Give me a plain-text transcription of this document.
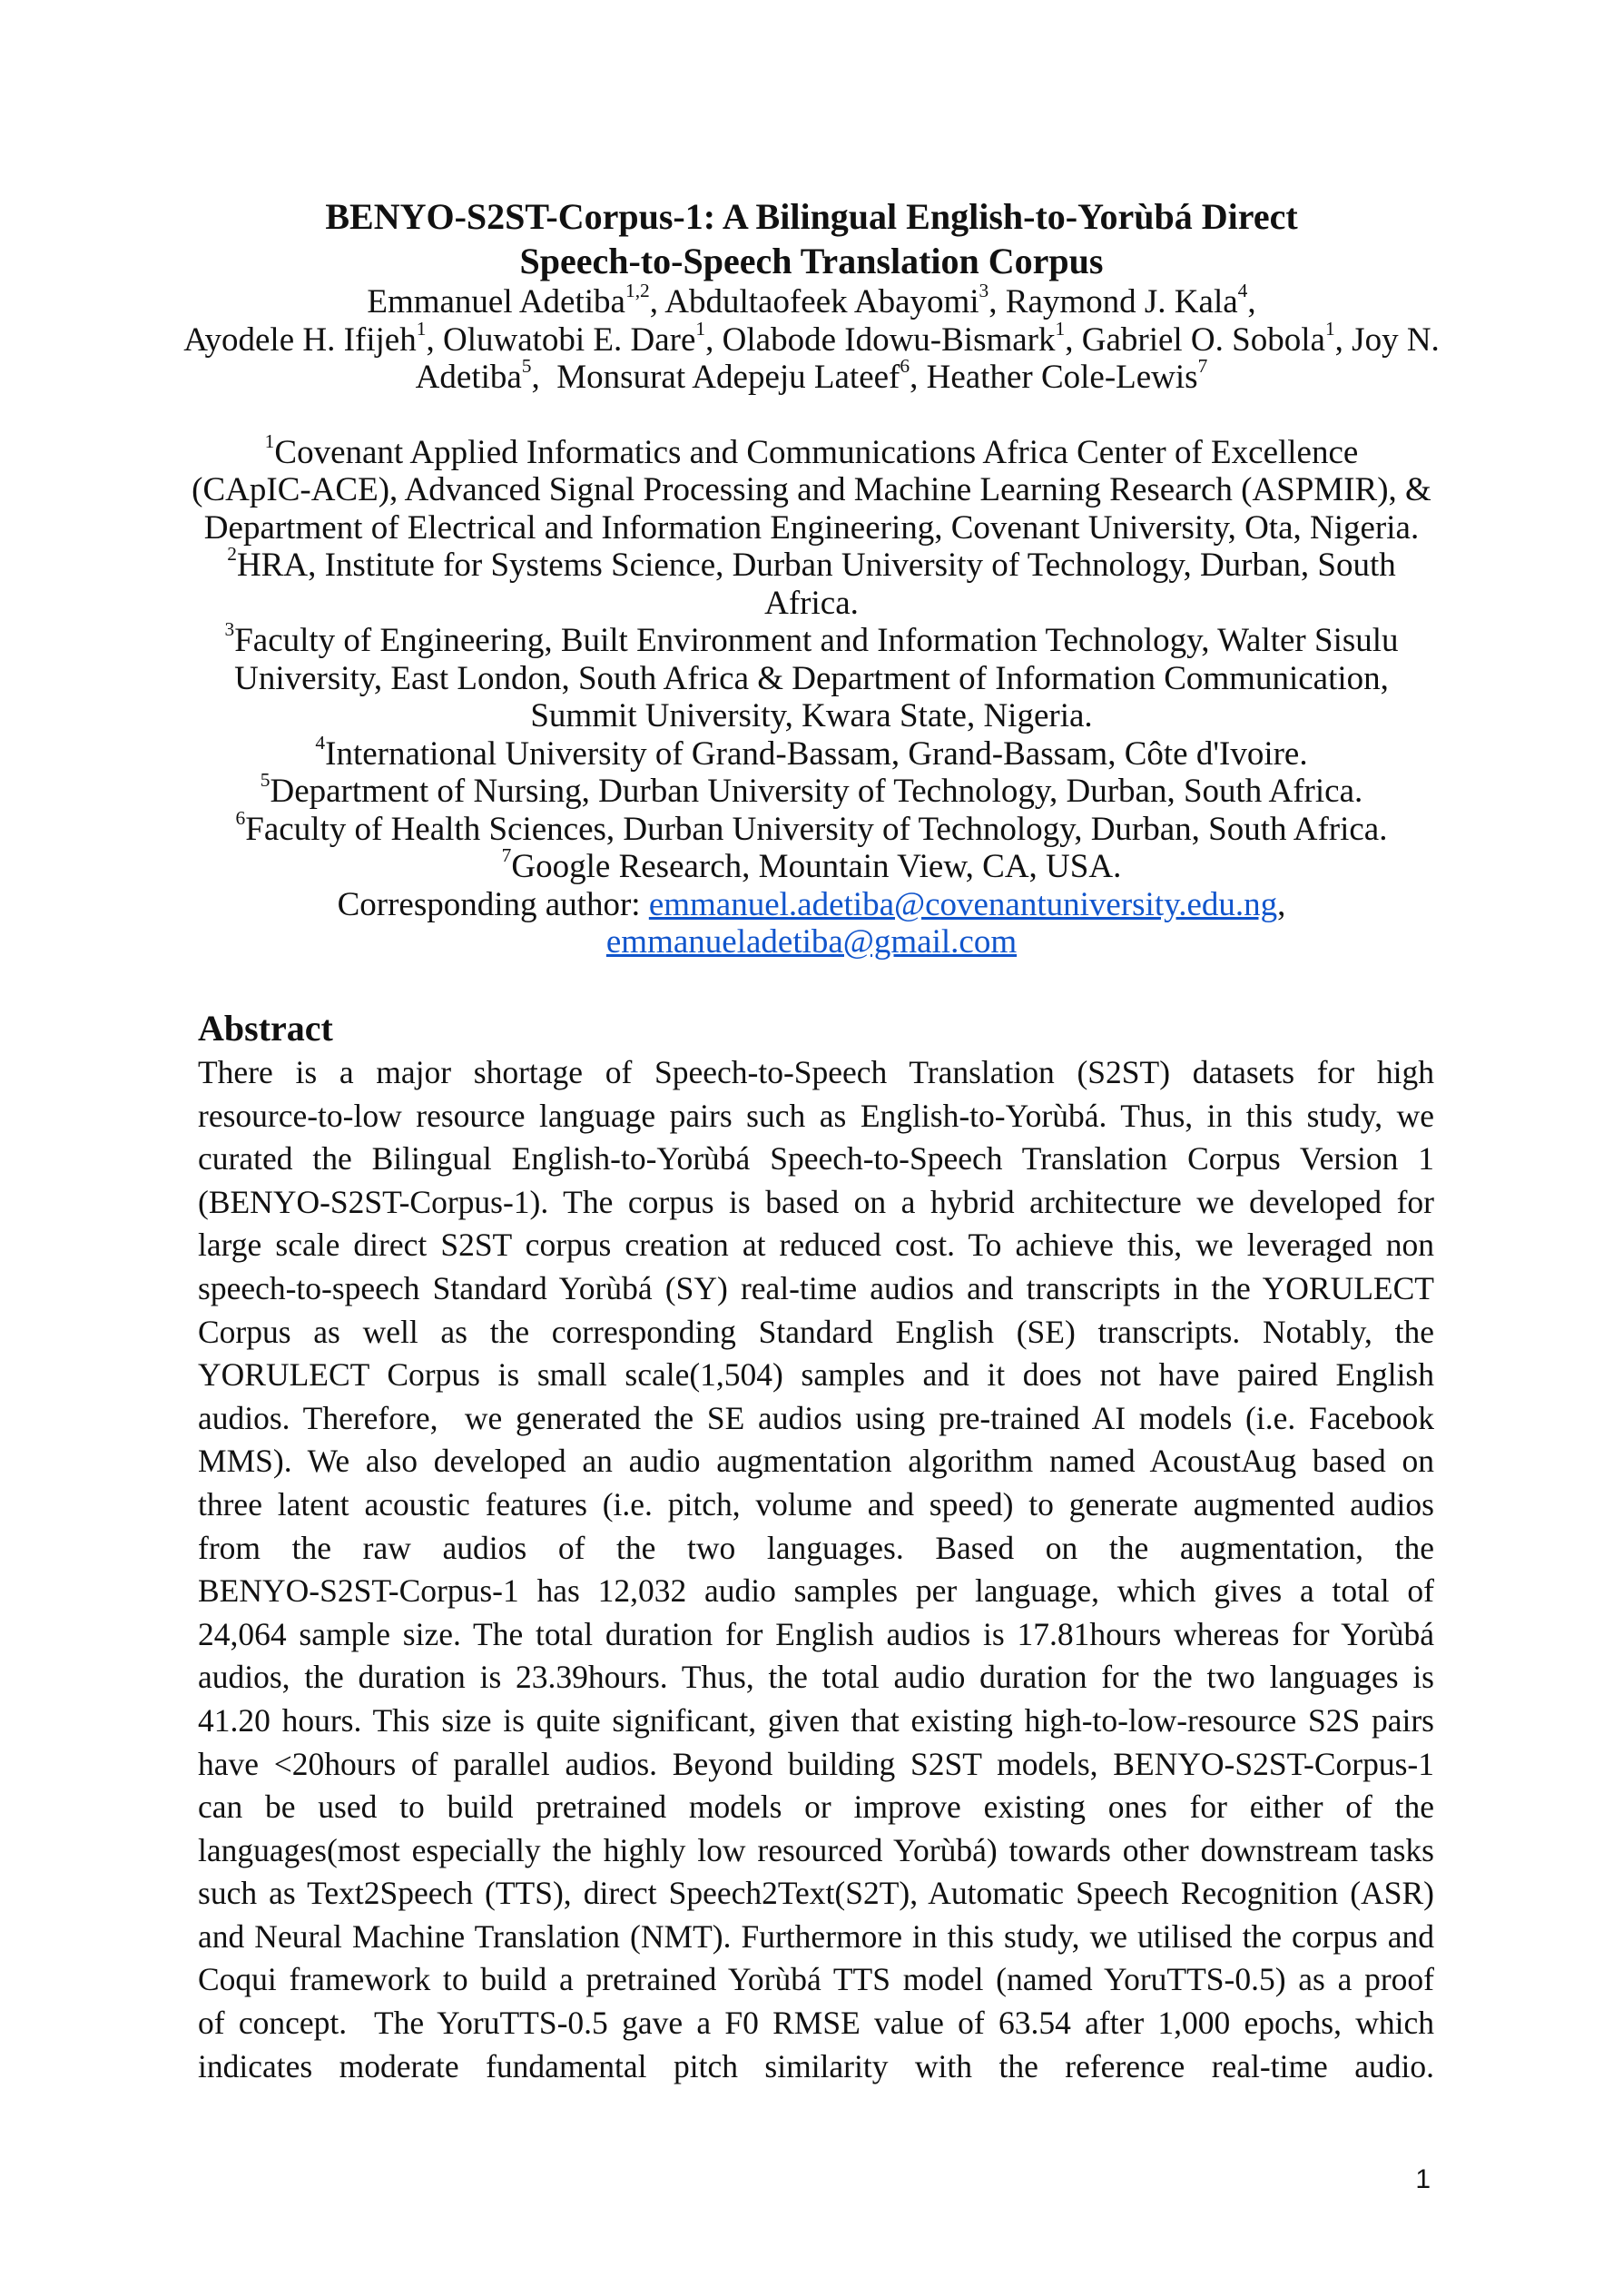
BENYO-S2ST-Corpus-1: A Bilingual English-to-Yorùbá Direct
Speech-to-Speech Translation Corpus
Emmanuel Adetiba$^{1,2}$, Abdultaofeek Abayomi$^3$, Raymond J. Kala$^4$,
Ayodele H. Ifijeh$^1$, Oluwatobi E. Dare$^1$, Olabode Idowu-Bismark$^1$, Gabriel O. Sobola$^1$, Joy N.
Adetiba$^5$,  Monsurat Adepeju Lateef$^6$, Heather Cole-Lewis$^7$
$^1$Covenant Applied Informatics and Communications Africa Center of Excellence
(CApIC-ACE), Advanced Signal Processing and Machine Learning Research (ASPMIR), &
Department of Electrical and Information Engineering, Covenant University, Ota, Nigeria.
$^2$HRA, Institute for Systems Science, Durban University of Technology, Durban, South
Africa.
$^3$Faculty of Engineering, Built Environment and Information Technology, Walter Sisulu
University, East London, South Africa & Department of Information Communication,
Summit University, Kwara State, Nigeria.
$^4$International University of Grand-Bassam, Grand-Bassam, Côte d'Ivoire.
$^5$Department of Nursing, Durban University of Technology, Durban, South Africa.
$^6$Faculty of Health Sciences, Durban University of Technology, Durban, South Africa.
$^7$Google Research, Mountain View, CA, USA.
Corresponding author: emmanuel.adetiba@covenantuniversity.edu.ng,
emmanueladetiba@gmail.com
Abstract
There is a major shortage of Speech-to-Speech Translation (S2ST) datasets for high
resource-to-low resource language pairs such as English-to-Yorùbá. Thus, in this study, we
curated the Bilingual English-to-Yorùbá Speech-to-Speech Translation Corpus Version 1
(BENYO-S2ST-Corpus-1). The corpus is based on a hybrid architecture we developed for
large scale direct S2ST corpus creation at reduced cost. To achieve this, we leveraged non
speech-to-speech Standard Yorùbá (SY) real-time audios and transcripts in the YORULECT
Corpus as well as the corresponding Standard English (SE) transcripts. Notably, the
YORULECT Corpus is small scale(1,504) samples and it does not have paired English
audios. Therefore,  we generated the SE audios using pre-trained AI models (i.e. Facebook
MMS). We also developed an audio augmentation algorithm named AcoustAug based on
three latent acoustic features (i.e. pitch, volume and speed) to generate augmented audios
from the raw audios of the two languages. Based on the augmentation, the
BENYO-S2ST-Corpus-1 has 12,032 audio samples per language, which gives a total of
24,064 sample size. The total duration for English audios is 17.81hours whereas for Yorùbá
audios, the duration is 23.39hours. Thus, the total audio duration for the two languages is
41.20 hours. This size is quite significant, given that existing high-to-low-resource S2S pairs
have <20hours of parallel audios. Beyond building S2ST models, BENYO-S2ST-Corpus-1
can be used to build pretrained models or improve existing ones for either of the
languages(most especially the highly low resourced Yorùbá) towards other downstream tasks
such as Text2Speech (TTS), direct Speech2Text(S2T), Automatic Speech Recognition (ASR)
and Neural Machine Translation (NMT). Furthermore in this study, we utilised the corpus and
Coqui framework to build a pretrained Yorùbá TTS model (named YoruTTS-0.5) as a proof
of concept.  The YoruTTS-0.5 gave a F0 RMSE value of 63.54 after 1,000 epochs, which
indicates moderate fundamental pitch similarity with the reference real-time audio.
1
